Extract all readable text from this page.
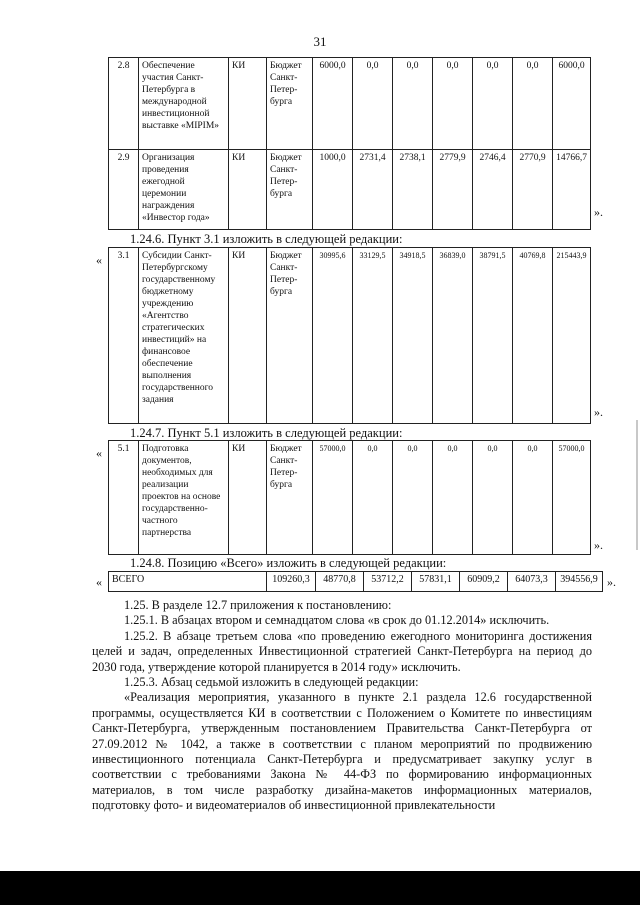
31
2.8	Обеспечение участия Санкт-Петербурга в международной инвестиционной выставке «MIPIM»	КИ	Бюджет Санкт-Петер-бурга	6000,0	0,0	0,0	0,0	0,0	0,0	6000,0
2.9	Организация проведения ежегодной церемонии награждения «Инвестор года»	КИ	Бюджет Санкт-Петер-бурга	1000,0	2731,4	2738,1	2779,9	2746,4	2770,9	14766,7
».
1.24.6. Пункт 3.1 изложить в следующей редакции:
« 3.1	Субсидии Санкт-Петербургскому государственному бюджетному учреждению «Агентство стратегических инвестиций» на финансовое обеспечение выполнения государственного задания	КИ	Бюджет Санкт-Петер-бурга	30995,6	33129,5	34918,5	36839,0	38791,5	40769,8	215443,9
».
1.24.7. Пункт 5.1 изложить в следующей редакции:
« 5.1	Подготовка документов, необходимых для реализации проектов на основе государственно-частного партнерства	КИ	Бюджет Санкт-Петер-бурга	57000,0	0,0	0,0	0,0	0,0	0,0	57000,0
».
1.24.8. Позицию «Всего» изложить в следующей редакции:
« ВСЕГО	109260,3	48770,8	53712,2	57831,1	60909,2	64073,3	394556,9 ».

1.25. В разделе 12.7 приложения к постановлению:

1.25.1. В абзацах втором и семнадцатом слова «в срок до 01.12.2014» исключить.

1.25.2. В абзаце третьем слова «по проведению ежегодного мониторинга достижения целей и задач, определенных Инвестиционной стратегией Санкт-Петербурга на период до 2030 года, утверждение которой планируется в 2014 году» исключить.

1.25.3. Абзац седьмой изложить в следующей редакции:

«Реализация мероприятия, указанного в пункте 2.1 раздела 12.6 государственной программы, осуществляется КИ в соответствии с Положением о Комитете по инвестициям Санкт-Петербурга, утвержденным постановлением Правительства Санкт-Петербурга от 27.09.2012 № 1042, а также в соответствии с планом мероприятий по продвижению инвестиционного потенциала Санкт-Петербурга и предусматривает закупку услуг в соответствии с требованиями Закона № 44-ФЗ по формированию информационных материалов, в том числе разработку дизайна-макетов информационных материалов, подготовку фото- и видеоматериалов об инвестиционной привлекательности
